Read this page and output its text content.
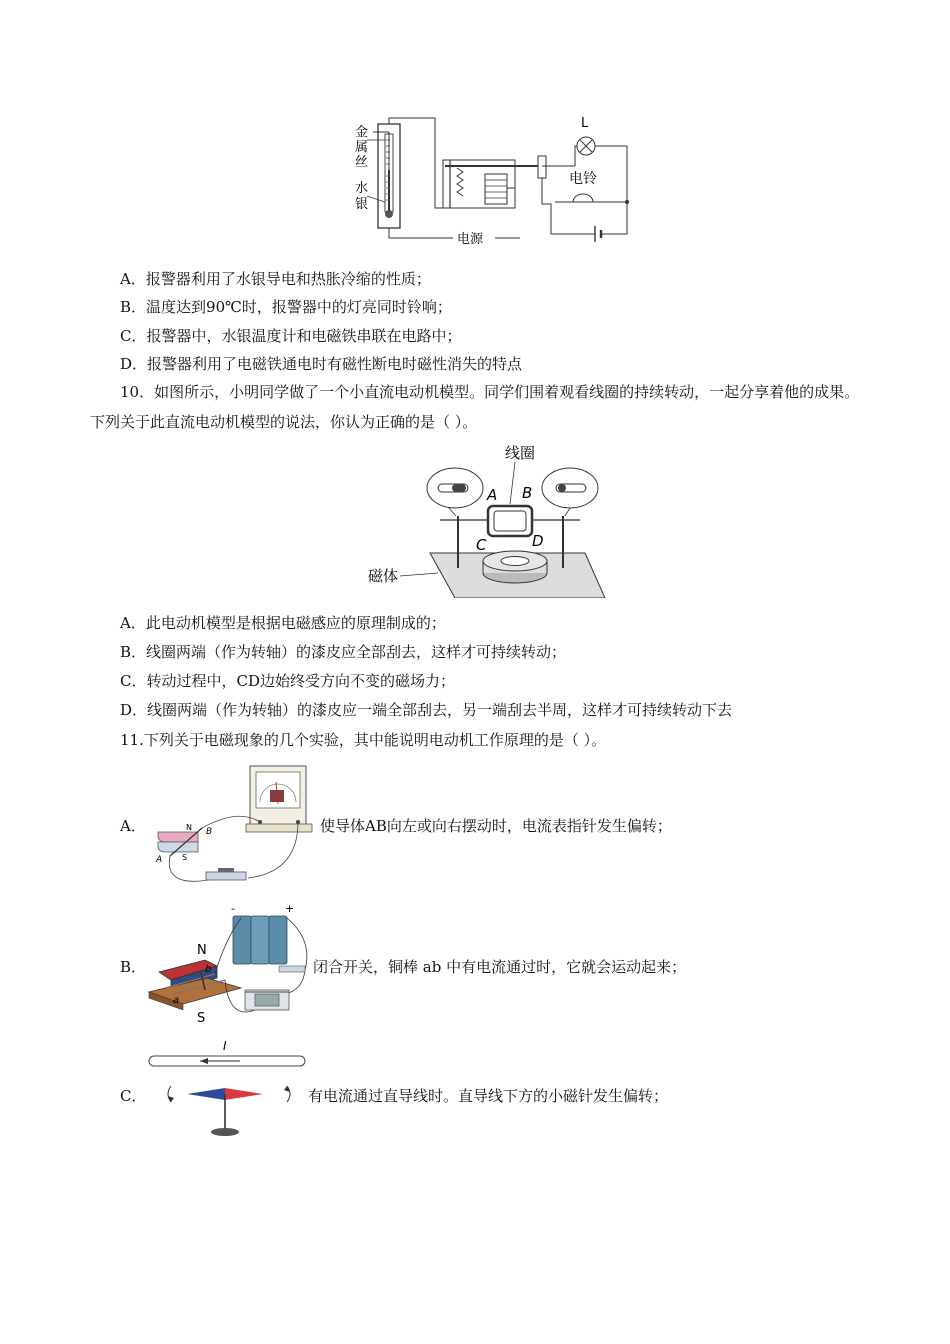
金
属
丝
水
银
电源
L
电铃
A．报警器利用了水银导电和热胀冷缩的性质；
B．温度达到90℃时，报警器中的灯亮同时铃响；
C．报警器中，水银温度计和电磁铁串联在电路中；
D．报警器利用了电磁铁通电时有磁性断电时磁性消失的特点
10．如图所示，小明同学做了一个小直流电动机模型。同学们围着观看线圈的持续转动，一起分享着他的成果。下列关于此直流电动机模型的说法，你认为正确的是（ ）。
线圈
A B
C	D
磁体
A．此电动机模型是根据电磁感应的原理制成的；
B．线圈两端（作为转轴）的漆皮应全部刮去，这样才可持续转动；
C．转动过程中，CD边始终受方向不变的磁场力；
D．线圈两端（作为转轴）的漆皮应一端全部刮去，另一端刮去半周，这样才可持续转动下去
11.下列关于电磁现象的几个实验，其中能说明电动机工作原理的是（ ）。
A．	N
S
B
A
使导体AB向左或向右摆动时，电流表指针发生偏转；
B．
-	+
N
S
b
a
闭合开关，铜棒 ab 中有电流通过时，它就会运动起来；
C．
I
有电流通过直导线时。直导线下方的小磁针发生偏转；
